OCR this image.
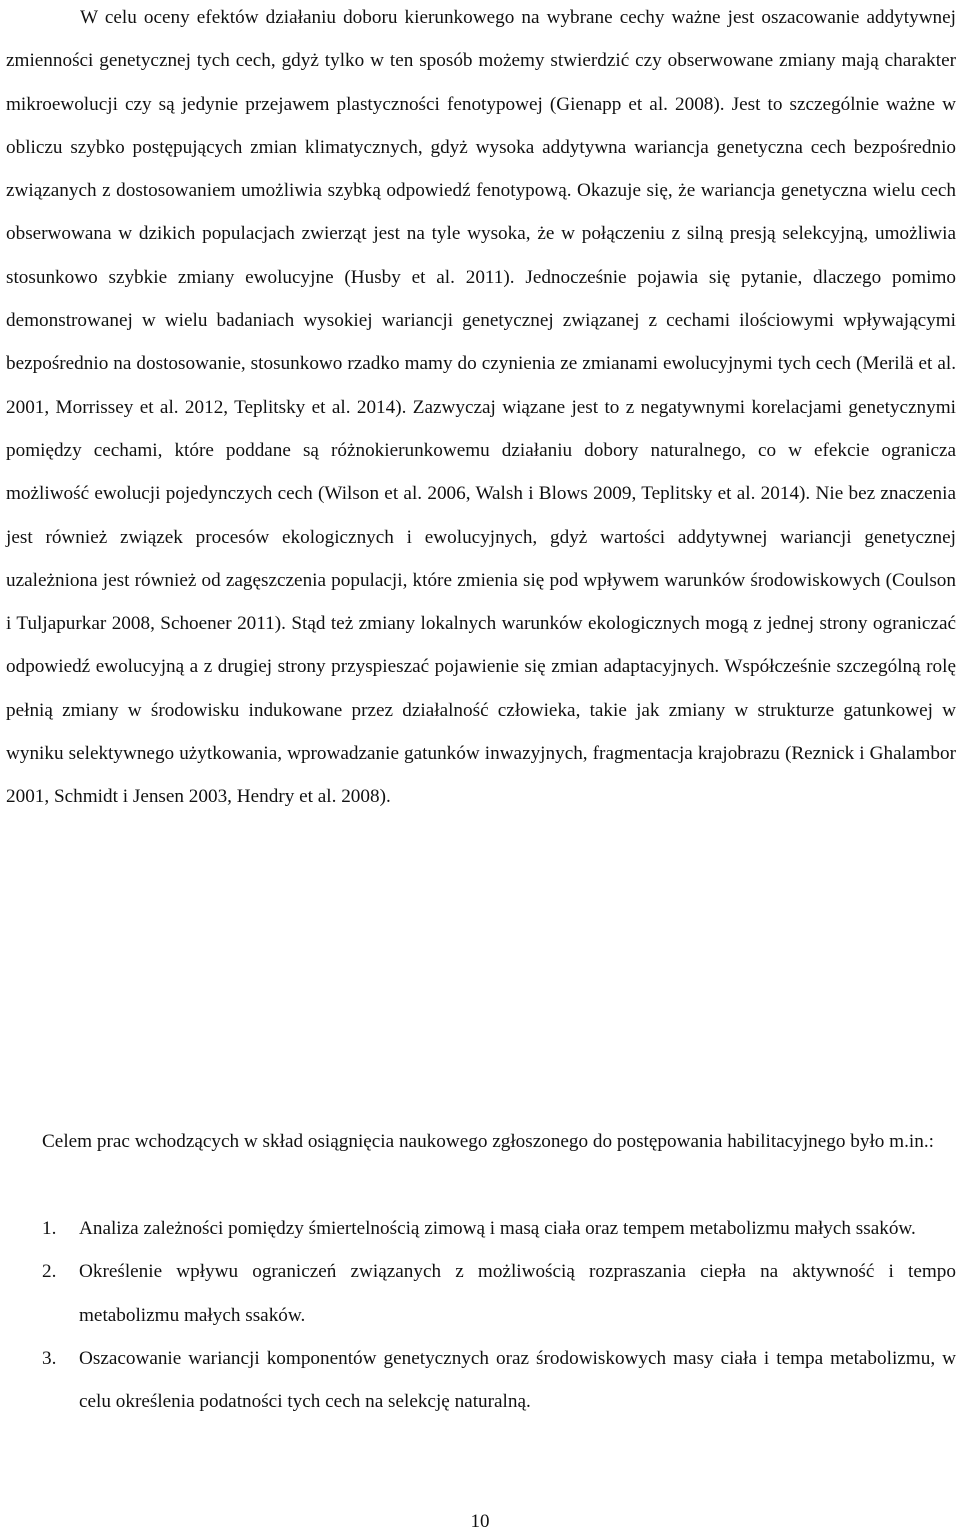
W celu oceny efektów działaniu doboru kierunkowego na wybrane cechy ważne jest oszacowanie addytywnej zmienności genetycznej tych cech, gdyż tylko w ten sposób możemy stwierdzić czy obserwowane zmiany mają charakter mikroewolucji czy są jedynie przejawem plastyczności fenotypowej (Gienapp et al. 2008). Jest to szczególnie ważne w obliczu szybko postępujących zmian klimatycznych, gdyż wysoka addytywna wariancja genetyczna cech bezpośrednio związanych z dostosowaniem umożliwia szybką odpowiedź fenotypową. Okazuje się, że wariancja genetyczna wielu cech obserwowana w dzikich populacjach zwierząt jest na tyle wysoka, że w połączeniu z silną presją selekcyjną, umożliwia stosunkowo szybkie zmiany ewolucyjne (Husby et al. 2011). Jednocześnie pojawia się pytanie, dlaczego pomimo demonstrowanej w wielu badaniach wysokiej wariancji genetycznej związanej z cechami ilościowymi wpływającymi bezpośrednio na dostosowanie, stosunkowo rzadko mamy do czynienia ze zmianami ewolucyjnymi tych cech (Merilä et al. 2001, Morrissey et al. 2012, Teplitsky et al. 2014). Zazwyczaj wiązane jest to z negatywnymi korelacjami genetycznymi pomiędzy cechami, które poddane są różnokierunkowemu działaniu dobory naturalnego, co w efekcie ogranicza możliwość ewolucji pojedynczych cech (Wilson et al. 2006, Walsh i Blows 2009, Teplitsky et al. 2014). Nie bez znaczenia jest również związek procesów ekologicznych i ewolucyjnych, gdyż wartości addytywnej wariancji genetycznej uzależniona jest również od zagęszczenia populacji, które zmienia się pod wpływem warunków środowiskowych (Coulson i Tuljapurkar 2008, Schoener 2011). Stąd też zmiany lokalnych warunków ekologicznych mogą z jednej strony ograniczać odpowiedź ewolucyjną a z drugiej strony przyspieszać pojawienie się zmian adaptacyjnych. Współcześnie szczególną rolę pełnią zmiany w środowisku indukowane przez działalność człowieka, takie jak zmiany w strukturze gatunkowej w wyniku selektywnego użytkowania, wprowadzanie gatunków inwazyjnych, fragmentacja krajobrazu (Reznick i Ghalambor 2001, Schmidt i Jensen 2003, Hendry et al. 2008).

Celem prac wchodzących w skład osiągnięcia naukowego zgłoszonego do postępowania habilitacyjnego było m.in.:

1. Analiza zależności pomiędzy śmiertelnością zimową i masą ciała oraz tempem metabolizmu małych ssaków.
2. Określenie wpływu ograniczeń związanych z możliwością rozpraszania ciepła na aktywność i tempo metabolizmu małych ssaków.
3. Oszacowanie wariancji komponentów genetycznych oraz środowiskowych masy ciała i tempa metabolizmu, w celu określenia podatności tych cech na selekcję naturalną.
10
